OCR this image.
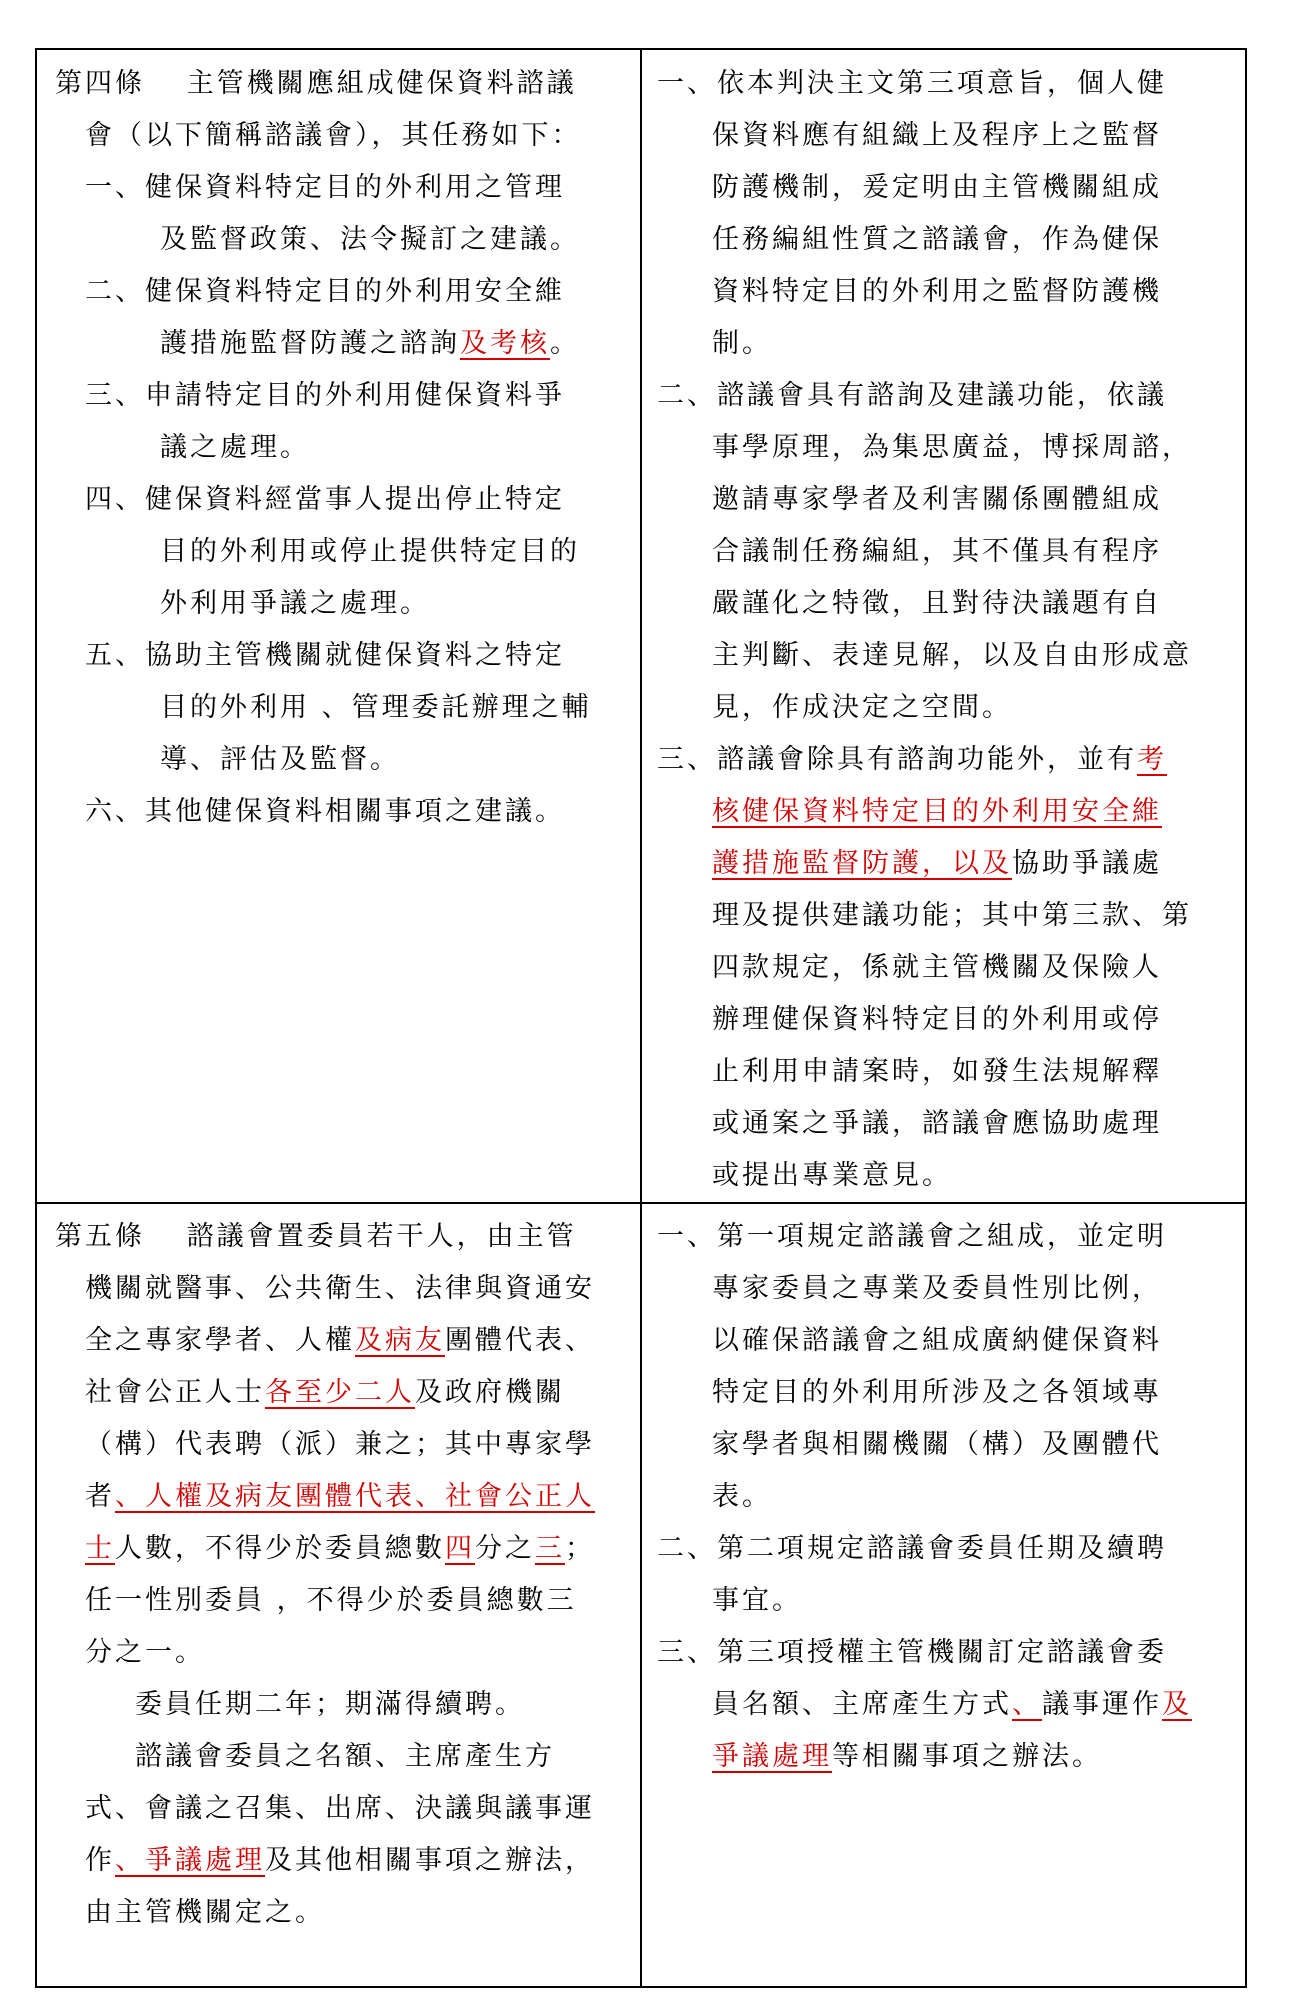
第四條　 主管機關應組成健保資料諮議
會（以下簡稱諮議會），其任務如下：
一、健保資料特定目的外利用之管理
及監督政策、法令擬訂之建議。
二、健保資料特定目的外利用安全維
護措施監督防護之諮詢及考核。
三、申請特定目的外利用健保資料爭
議之處理。
四、健保資料經當事人提出停止特定
目的外利用或停止提供特定目的
外利用爭議之處理。
五、協助主管機關就健保資料之特定
目的外利用 、管理委託辦理之輔
導、評估及監督。
六、其他健保資料相關事項之建議。
一、依本判決主文第三項意旨，個人健
保資料應有組織上及程序上之監督
防護機制，爰定明由主管機關組成
任務編組性質之諮議會，作為健保
資料特定目的外利用之監督防護機
制。
二、諮議會具有諮詢及建議功能，依議
事學原理，為集思廣益，博採周諮，
邀請專家學者及利害關係團體組成
合議制任務編組，其不僅具有程序
嚴謹化之特徵，且對待決議題有自
主判斷、表達見解，以及自由形成意
見，作成決定之空間。
三、諮議會除具有諮詢功能外，並有考
核健保資料特定目的外利用安全維
護措施監督防護，以及協助爭議處
理及提供建議功能；其中第三款、第
四款規定，係就主管機關及保險人
辦理健保資料特定目的外利用或停
止利用申請案時，如發生法規解釋
或通案之爭議，諮議會應協助處理
或提出專業意見。
第五條　 諮議會置委員若干人，由主管
機關就醫事、公共衛生、法律與資通安
全之專家學者、人權及病友團體代表、
社會公正人士各至少二人及政府機關
（構）代表聘（派）兼之；其中專家學
者、人權及病友團體代表、社會公正人
士人數，不得少於委員總數四分之三；
任一性別委員 ，不得少於委員總數三
分之一。
委員任期二年；期滿得續聘。
諮議會委員之名額、主席產生方
式、會議之召集、出席、決議與議事運
作、爭議處理及其他相關事項之辦法，
由主管機關定之。
一、第一項規定諮議會之組成，並定明
專家委員之專業及委員性別比例，
以確保諮議會之組成廣納健保資料
特定目的外利用所涉及之各領域專
家學者與相關機關（構）及團體代
表。
二、第二項規定諮議會委員任期及續聘
事宜。
三、第三項授權主管機關訂定諮議會委
員名額、主席產生方式、議事運作及
爭議處理等相關事項之辦法。
